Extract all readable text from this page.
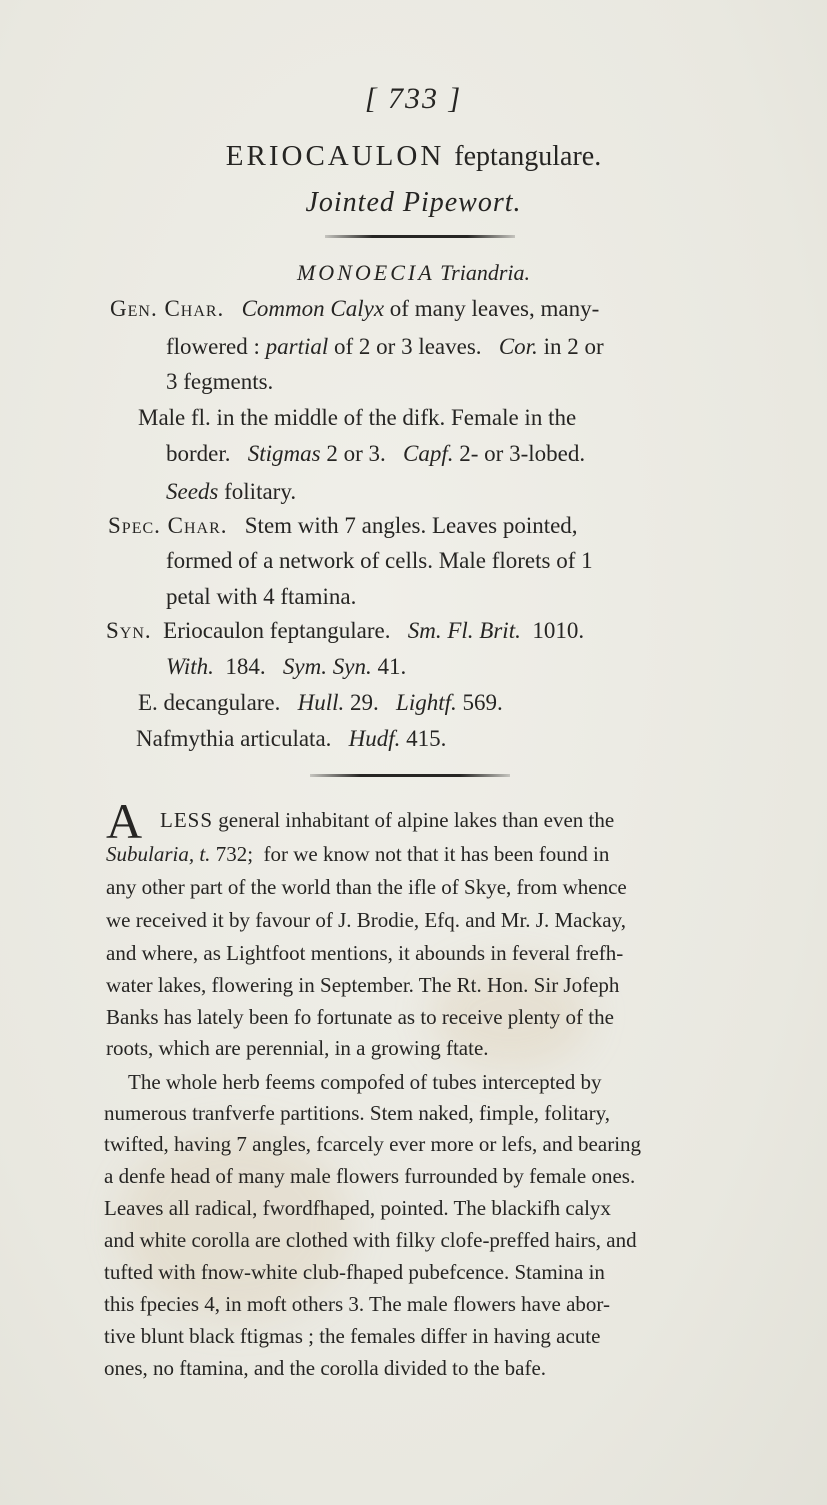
[ 733 ]
ERIOCAULON feptangulare.
Jointed Pipewort.
MONOECIA Triandria.
Gen. Char. Common Calyx of many leaves, many-
flowered : partial of 2 or 3 leaves. Cor. in 2 or
3 fegments.
Male fl. in the middle of the difk. Female in the
border. Stigmas 2 or 3. Capf. 2- or 3-lobed.
Seeds folitary.
Spec. Char. Stem with 7 angles. Leaves pointed,
formed of a network of cells. Male florets of 1
petal with 4 ftamina.
Syn. Eriocaulon feptangulare. Sm. Fl. Brit. 1010.
With. 184. Sym. Syn. 41.
E. decangulare. Hull. 29. Lightf. 569.
Nafmythia articulata. Hudf. 415.
A LESS general inhabitant of alpine lakes than even the
Subularia, t. 732; for we know not that it has been found in
any other part of the world than the ifle of Skye, from whence
we received it by favour of J. Brodie, Efq. and Mr. J. Mackay,
and where, as Lightfoot mentions, it abounds in feveral frefh-
water lakes, flowering in September. The Rt. Hon. Sir Jofeph
Banks has lately been fo fortunate as to receive plenty of the
roots, which are perennial, in a growing ftate.
The whole herb feems compofed of tubes intercepted by
numerous tranfverfe partitions. Stem naked, fimple, folitary,
twifted, having 7 angles, fcarcely ever more or lefs, and bearing
a denfe head of many male flowers furrounded by female ones.
Leaves all radical, fwordfhaped, pointed. The blackifh calyx
and white corolla are clothed with filky clofe-preffed hairs, and
tufted with fnow-white club-fhaped pubefcence. Stamina in
this fpecies 4, in moft others 3. The male flowers have abor-
tive blunt black ftigmas ; the females differ in having acute
ones, no ftamina, and the corolla divided to the bafe.
